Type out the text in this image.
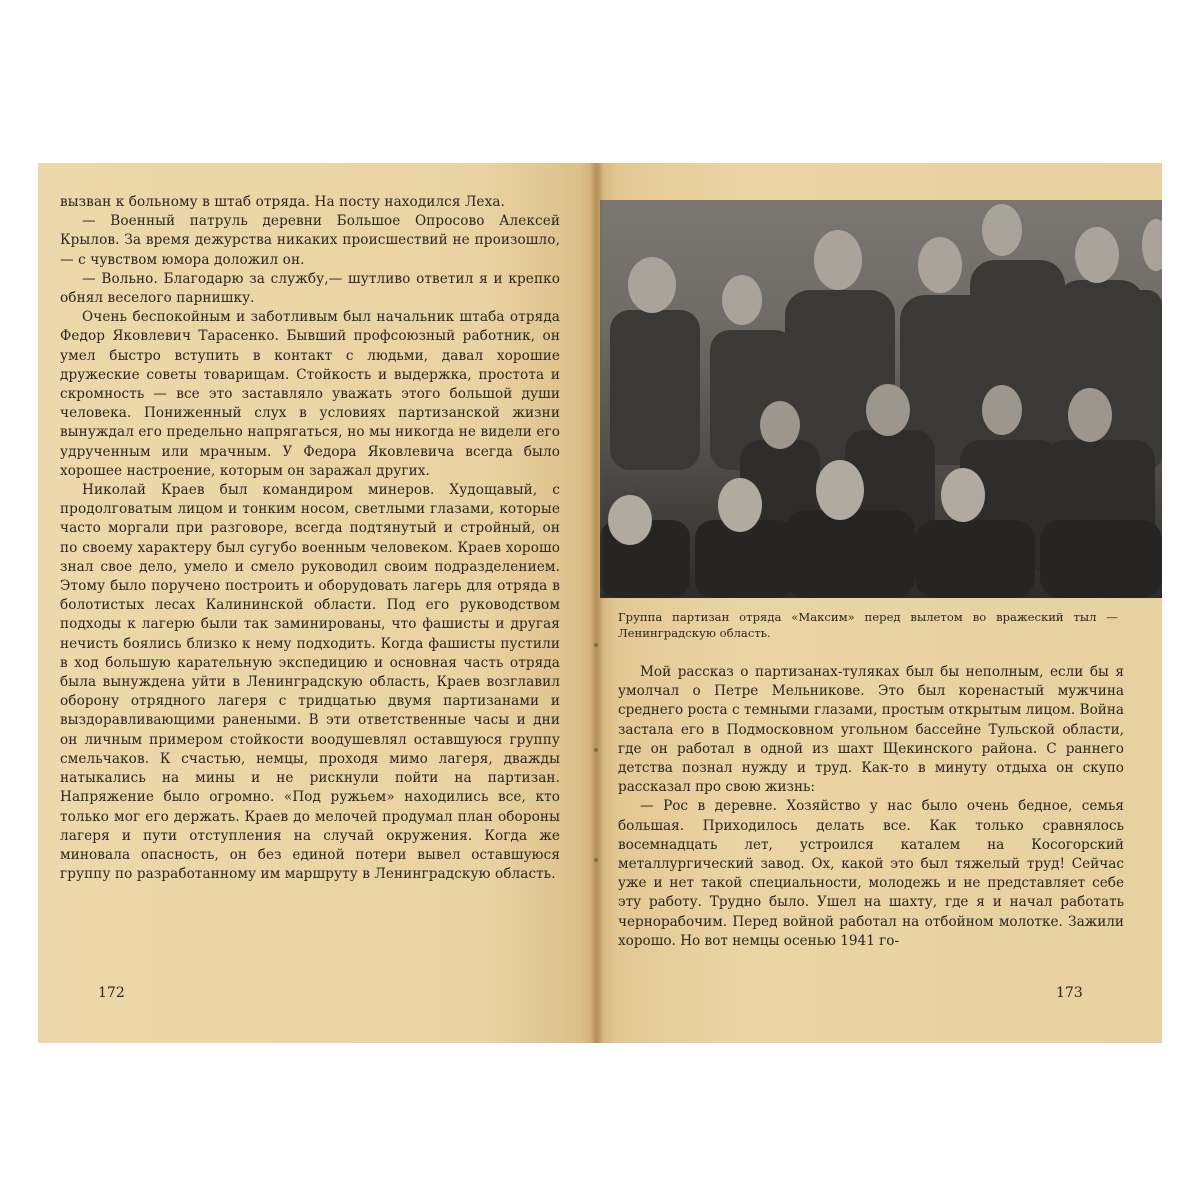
вызван к больному в штаб отряда. На посту находился Леха.

— Военный патруль деревни Большое Опросово Алексей Крылов. За время дежурства никаких происшествий не произошло,— с чувством юмора доложил он.

— Вольно. Благодарю за службу,— шутливо ответил я и крепко обнял веселого парнишку.

Очень беспокойным и заботливым был начальник штаба отряда Федор Яковлевич Тарасенко. Бывший профсоюзный работник, он умел быстро вступить в контакт с людьми, давал хорошие дружеские советы товарищам. Стойкость и выдержка, простота и скромность — все это заставляло уважать этого большой души человека. Пониженный слух в условиях партизанской жизни вынуждал его предельно напрягаться, но мы никогда не видели его удрученным или мрачным. У Федора Яковлевича всегда было хорошее настроение, которым он заражал других.

Николай Краев был командиром минеров. Худощавый, с продолговатым лицом и тонким носом, светлыми глазами, которые часто моргали при разговоре, всегда подтянутый и стройный, он по своему характеру был сугубо военным человеком. Краев хорошо знал свое дело, умело и смело руководил своим подразделением. Этому было поручено построить и оборудовать лагерь для отряда в болотистых лесах Калининской области. Под его руководством подходы к лагерю были так заминированы, что фашисты и другая нечисть боялись близко к нему подходить. Когда фашисты пустили в ход большую карательную экспедицию и основная часть отряда была вынуждена уйти в Ленинградскую область, Краев возглавил оборону отрядного лагеря с тридцатью двумя партизанами и выздоравливающими ранеными. В эти ответственные часы и дни он личным примером стойкости воодушевлял оставшуюся группу смельчаков. К счастью, немцы, проходя мимо лагеря, дважды натыкались на мины и не рискнули пойти на партизан. Напряжение было огромно. «Под ружьем» находились все, кто только мог его держать. Краев до мелочей продумал план обороны лагеря и пути отступления на случай окружения. Когда же миновала опасность, он без единой потери вывел оставшуюся группу по разработанному им маршруту в Ленинградскую область.

172
Группа партизан отряда «Максим» перед вылетом во вражеский тыл — Ленинградскую область.

Мой рассказ о партизанах-туляках был бы неполным, если бы я умолчал о Петре Мельникове. Это был коренастый мужчина среднего роста с темными глазами, простым открытым лицом. Война застала его в Подмосковном угольном бассейне Тульской области, где он работал в одной из шахт Щекинского района. С раннего детства познал нужду и труд. Как-то в минуту отдыха он скупо рассказал про свою жизнь:

— Рос в деревне. Хозяйство у нас было очень бедное, семья большая. Приходилось делать все. Как только сравнялось восемнадцать лет, устроился каталем на Косогорский металлургический завод. Ох, какой это был тяжелый труд! Сейчас уже и нет такой специальности, молодежь и не представляет себе эту работу. Трудно было. Ушел на шахту, где я и начал работать чернорабочим. Перед войной работал на отбойном молотке. Зажили хорошо. Но вот немцы осенью 1941 го-

173
